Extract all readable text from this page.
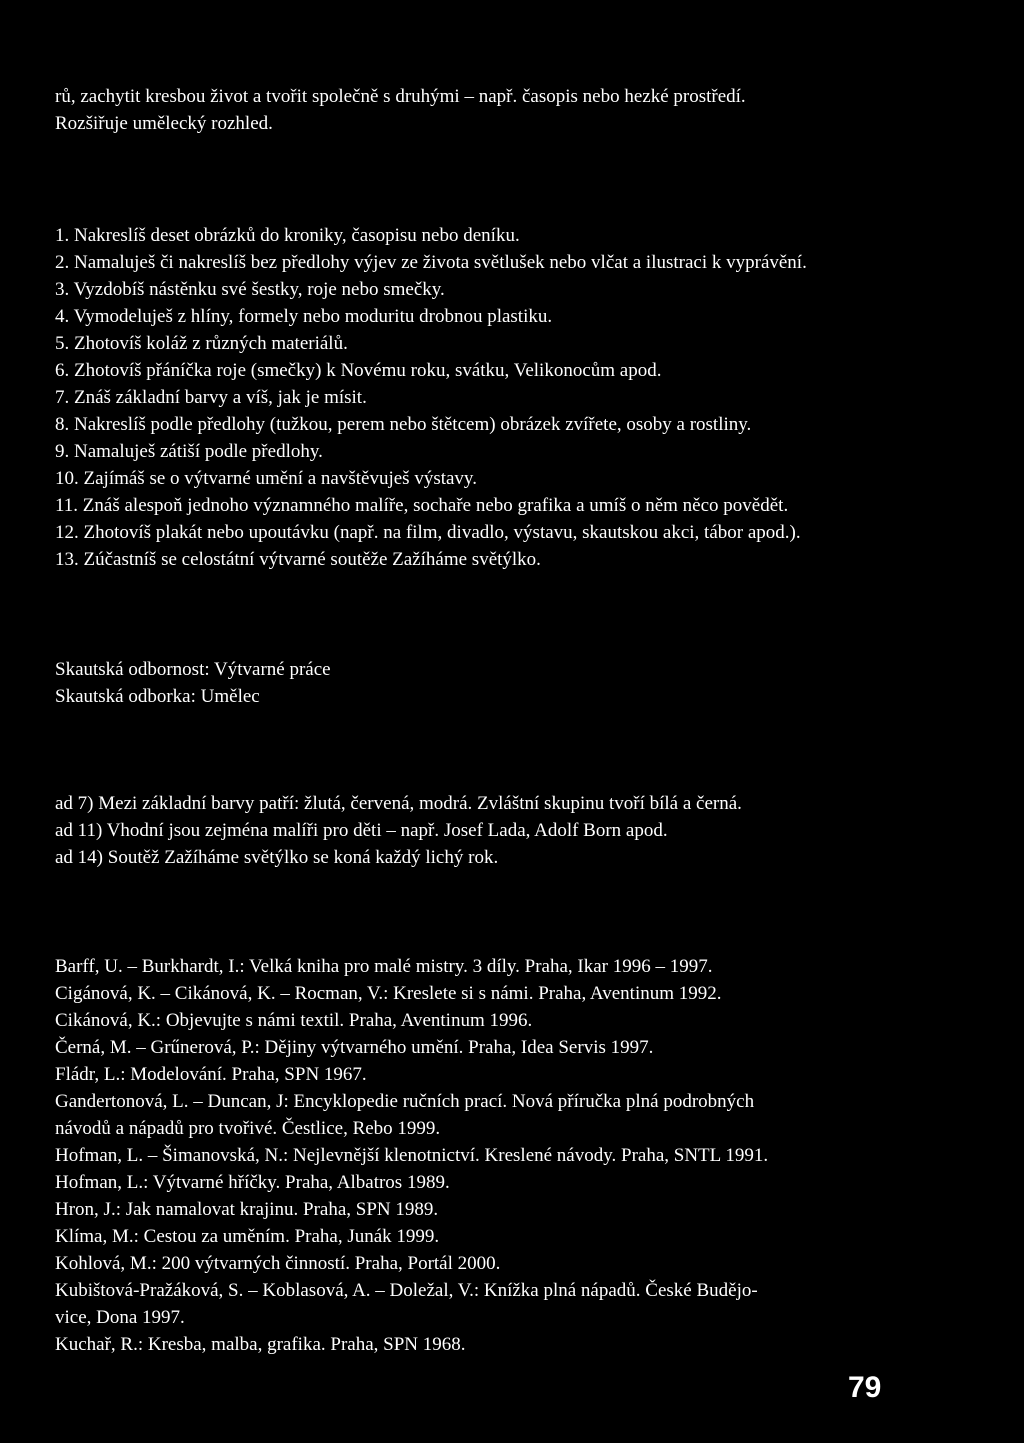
rů, zachytit kresbou život a tvořit společně s druhými – např. časopis nebo hezké prostředí.
Rozšiřuje umělecký rozhled.
1. Nakreslíš deset obrázků do kroniky, časopisu nebo deníku.
2. Namaluješ či nakreslíš bez předlohy výjev ze života světlušek nebo vlčat a ilustraci k vyprávění.
3. Vyzdobíš nástěnku své šestky, roje nebo smečky.
4. Vymodeluješ z hlíny, formely nebo moduritu drobnou plastiku.
5. Zhotovíš koláž z různých materiálů.
6. Zhotovíš přáníčka roje (smečky) k Novému roku, svátku, Velikonocům apod.
7. Znáš základní barvy a víš, jak je mísit.
8. Nakreslíš podle předlohy (tužkou, perem nebo štětcem) obrázek zvířete, osoby a rostliny.
9. Namaluješ zátiší podle předlohy.
10. Zajímáš se o výtvarné umění a navštěvuješ výstavy.
11. Znáš alespoň jednoho významného malíře, sochaře nebo grafika a umíš o něm něco povědět.
12. Zhotovíš plakát nebo upoutávku (např. na film, divadlo, výstavu, skautskou akci, tábor apod.).
13. Zúčastníš se celostátní výtvarné soutěže Zažíháme světýlko.
Skautská odbornost: Výtvarné práce
Skautská odborka: Umělec
ad 7) Mezi základní barvy patří: žlutá, červená, modrá. Zvláštní skupinu tvoří bílá a černá.
ad 11) Vhodní jsou zejména malíři pro děti – např. Josef Lada, Adolf Born apod.
ad 14) Soutěž Zažíháme světýlko se koná každý lichý rok.
Barff, U. – Burkhardt, I.: Velká kniha pro malé mistry. 3 díly. Praha, Ikar 1996 – 1997.
Cigánová, K. – Cikánová, K. – Rocman, V.: Kreslete si s námi. Praha, Aventinum 1992.
Cikánová, K.: Objevujte s námi textil. Praha, Aventinum 1996.
Černá, M. – Grűnerová, P.: Dějiny výtvarného umění. Praha, Idea Servis 1997.
Fládr, L.: Modelování. Praha, SPN 1967.
Gandertonová, L. – Duncan, J: Encyklopedie ručních prací. Nová příručka plná podrobných
návodů a nápadů pro tvořivé. Čestlice, Rebo 1999.
Hofman, L. – Šimanovská, N.: Nejlevnější klenotnictví. Kreslené návody. Praha, SNTL 1991.
Hofman, L.: Výtvarné hříčky. Praha, Albatros 1989.
Hron, J.: Jak namalovat krajinu. Praha, SPN 1989.
Klíma, M.: Cestou za uměním. Praha, Junák 1999.
Kohlová, M.: 200 výtvarných činností. Praha, Portál 2000.
Kubištová-Pražáková, S. – Koblasová, A. – Doležal, V.: Knížka plná nápadů. České Budějo-
vice, Dona 1997.
Kuchař, R.: Kresba, malba, grafika. Praha, SPN 1968.
79
